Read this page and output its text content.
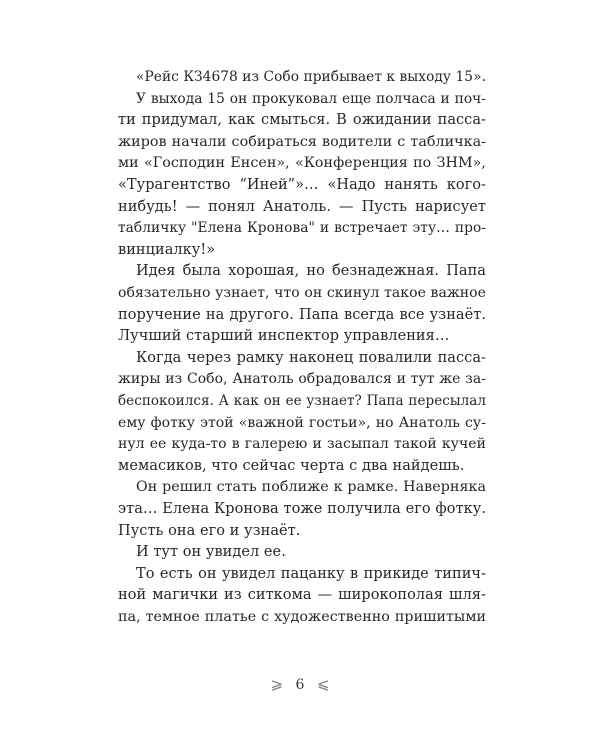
«Рейс КЗ4678 из Собо прибывает к выходу 15».
У выхода 15 он прокуковал еще полчаса и поч-
ти придумал, как смыться. В ожидании пасса-
жиров начали собираться водители с табличка-
ми «Господин Енсен», «Конференция по ЗНМ»,
«Турагентство “Иней”»… «Надо нанять кого-
нибудь! — понял Анатоль. — Пусть нарисует
табличку "Елена Кронова" и встречает эту… про-
винциалку!»
Идея была хорошая, но безнадежная. Папа
обязательно узнает, что он скинул такое важное
поручение на другого. Папа всегда все узнаёт.
Лучший старший инспектор управления…
Когда через рамку наконец повалили пасса-
жиры из Собо, Анатоль обрадовался и тут же за-
беспокоился. А как он ее узнает? Папа пересылал
ему фотку этой «важной гостьи», но Анатоль су-
нул ее куда-то в галерею и засыпал такой кучей
мемасиков, что сейчас черта с два найдешь.
Он решил стать поближе к рамке. Наверняка
эта… Елена Кронова тоже получила его фотку.
Пусть она его и узнаёт.
И тут он увидел ее.
То есть он увидел пацанку в прикиде типич-
ной магички из ситкома — широкополая шля-
па, темное платье с художественно пришитыми
⩾ 6 ⩽
